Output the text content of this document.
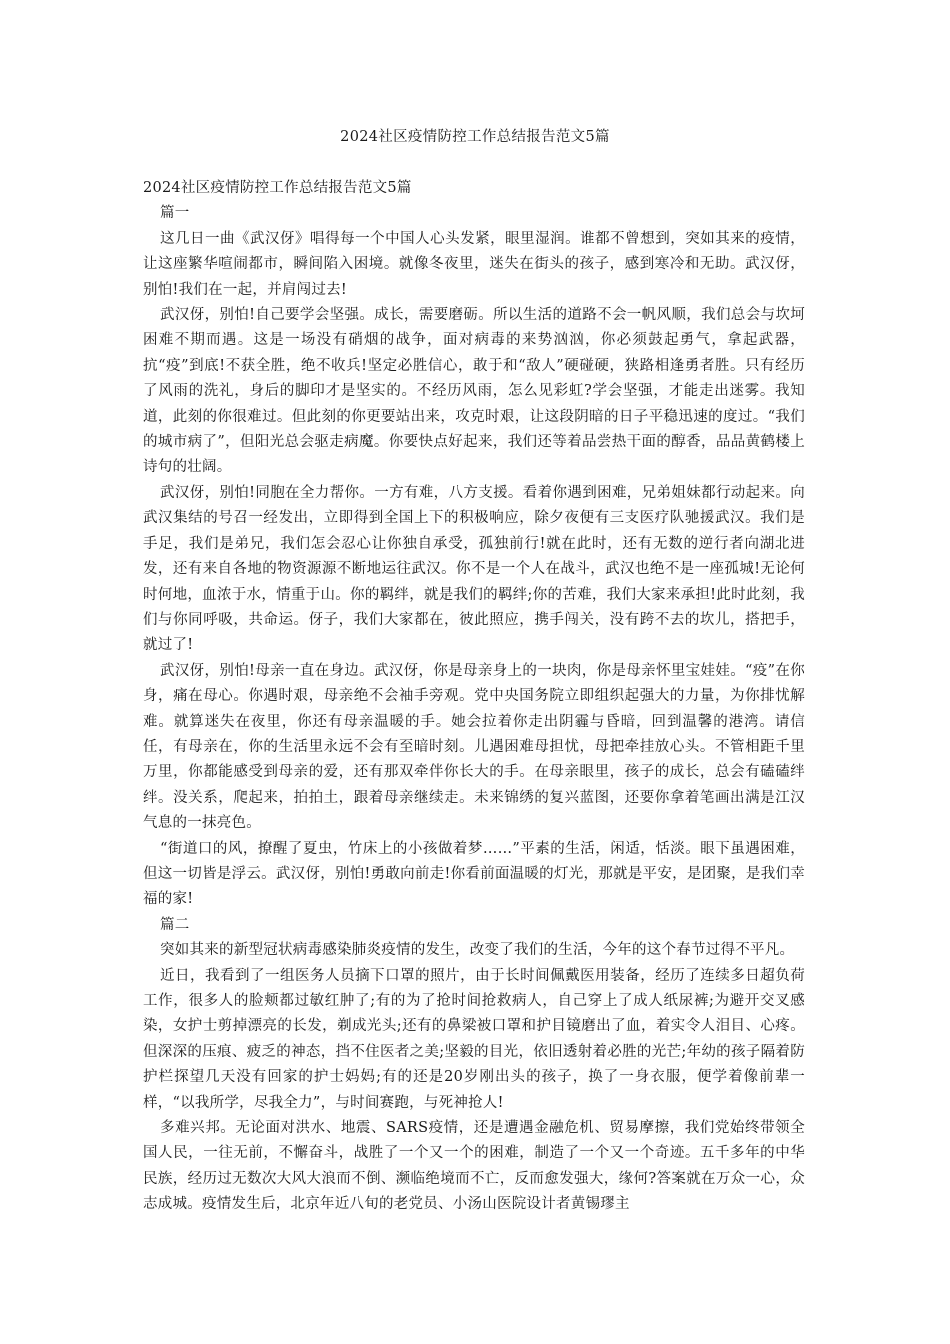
2024社区疫情防控工作总结报告范文5篇

2024社区疫情防控工作总结报告范文5篇

篇一

这几日一曲《武汉伢》唱得每一个中国人心头发紧，眼里湿润。谁都不曾想到，突如其来的疫情，让这座繁华喧闹都市，瞬间陷入困境。就像冬夜里，迷失在街头的孩子，感到寒冷和无助。武汉伢，别怕!我们在一起，并肩闯过去!

武汉伢，别怕!自己要学会坚强。成长，需要磨砺。所以生活的道路不会一帆风顺，我们总会与坎坷困难不期而遇。这是一场没有硝烟的战争，面对病毒的来势汹汹，你必须鼓起勇气，拿起武器，抗“疫”到底!不获全胜，绝不收兵!坚定必胜信心，敢于和“敌人”硬碰硬，狭路相逢勇者胜。只有经历了风雨的洗礼，身后的脚印才是坚实的。不经历风雨，怎么见彩虹?学会坚强，才能走出迷雾。我知道，此刻的你很难过。但此刻的你更要站出来，攻克时艰，让这段阴暗的日子平稳迅速的度过。“我们的城市病了”，但阳光总会驱走病魔。你要快点好起来，我们还等着品尝热干面的醇香，品品黄鹤楼上诗句的壮阔。

武汉伢，别怕!同胞在全力帮你。一方有难，八方支援。看着你遇到困难，兄弟姐妹都行动起来。向武汉集结的号召一经发出，立即得到全国上下的积极响应，除夕夜便有三支医疗队驰援武汉。我们是手足，我们是弟兄，我们怎会忍心让你独自承受，孤独前行!就在此时，还有无数的逆行者向湖北进发，还有来自各地的物资源源不断地运往武汉。你不是一个人在战斗，武汉也绝不是一座孤城!无论何时何地，血浓于水，情重于山。你的羁绊，就是我们的羁绊;你的苦难，我们大家来承担!此时此刻，我们与你同呼吸，共命运。伢子，我们大家都在，彼此照应，携手闯关，没有跨不去的坎儿，搭把手，就过了!

武汉伢，别怕!母亲一直在身边。武汉伢，你是母亲身上的一块肉，你是母亲怀里宝娃娃。“疫”在你身，痛在母心。你遇时艰，母亲绝不会袖手旁观。党中央国务院立即组织起强大的力量，为你排忧解难。就算迷失在夜里，你还有母亲温暖的手。她会拉着你走出阴霾与昏暗，回到温馨的港湾。请信任，有母亲在，你的生活里永远不会有至暗时刻。儿遇困难母担忧，母把牵挂放心头。不管相距千里万里，你都能感受到母亲的爱，还有那双牵伴你长大的手。在母亲眼里，孩子的成长，总会有磕磕绊绊。没关系，爬起来，拍拍土，跟着母亲继续走。未来锦绣的复兴蓝图，还要你拿着笔画出满是江汉气息的一抹亮色。

“街道口的风，撩醒了夏虫，竹床上的小孩做着梦……”平素的生活，闲适，恬淡。眼下虽遇困难，但这一切皆是浮云。武汉伢，别怕!勇敢向前走!你看前面温暖的灯光，那就是平安，是团聚，是我们幸福的家!

篇二

突如其来的新型冠状病毒感染肺炎疫情的发生，改变了我们的生活，今年的这个春节过得不平凡。

近日，我看到了一组医务人员摘下口罩的照片，由于长时间佩戴医用装备，经历了连续多日超负荷工作，很多人的脸颊都过敏红肿了;有的为了抢时间抢救病人，自己穿上了成人纸尿裤;为避开交叉感染，女护士剪掉漂亮的长发，剃成光头;还有的鼻梁被口罩和护目镜磨出了血，着实令人泪目、心疼。但深深的压痕、疲乏的神态，挡不住医者之美;坚毅的目光，依旧透射着必胜的光芒;年幼的孩子隔着防护栏探望几天没有回家的护士妈妈;有的还是20岁刚出头的孩子，换了一身衣服，便学着像前辈一样，“以我所学，尽我全力”，与时间赛跑，与死神抢人!

多难兴邦。无论面对洪水、地震、SARS疫情，还是遭遇金融危机、贸易摩擦，我们党始终带领全国人民，一往无前，不懈奋斗，战胜了一个又一个的困难，制造了一个又一个奇迹。五千多年的中华民族，经历过无数次大风大浪而不倒、濒临绝境而不亡，反而愈发强大，缘何?答案就在万众一心，众志成城。疫情发生后，北京年近八旬的老党员、小汤山医院设计者黄锡璆主
